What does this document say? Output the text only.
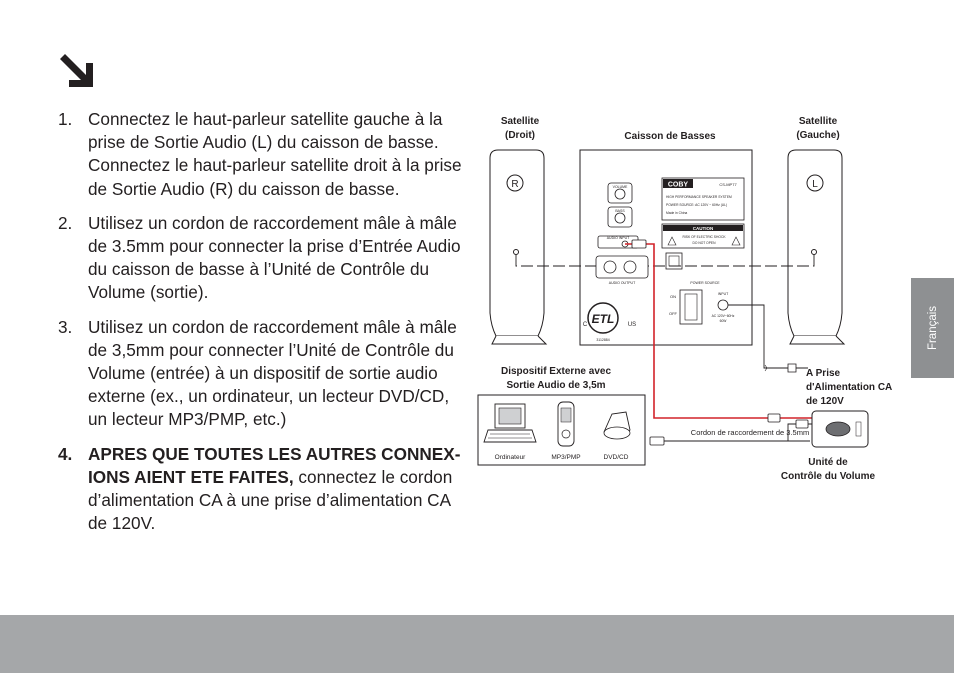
1. Connectez le haut-parleur satellite gauche à la prise de Sortie Audio (L) du caisson de basse. Connectez le haut-parleur satellite droit à la prise de Sortie Audio (R) du caisson de basse.
2. Utilisez un cordon de raccordement mâle à mâle de 3.5mm pour connecter la prise d’Entrée Audio du caisson de basse à l’Unité de Contrôle du Volume (sortie).
3. Utilisez un cordon de raccordement mâle à mâle de 3,5mm pour connecter l’Unité de Contrôle du Volume (entrée) à un dispositif de sortie audio externe (ex., un ordinateur, un lecteur DVD/CD, un lecteur MP3/PMP, etc.)
4. APRES QUE TOUTES LES AUTRES CONNEX- IONS AIENT ETE FAITES, connectez le cordon d’alimentation CA à une prise d’alimentation CA de 120V.
Satellite
(Droit)	Caisson de Basses
Satellite
(Gauche)
R	L
VOLUME
BASS
AUDIO INPUT
AUDIO OUTPUT
COBY	CS-MP77
HIGH PERFORMANCE SPEAKER SYSTEM
POWER SOURCE: AC 120V ~ 60Hz (UL)
Made in China
CAUTION
RISK OF ELECTRIC SHOCK
DO NOT OPEN
POWER SOURCE
ON
OFF
INPUT
AC 120V~60Hz
60W
ETL
C	US
3112884
Cordon de raccordement de 3.5mm
A Prise
d'Alimentation CA
de 120V
Dispositif Externe avec
Sortie Audio de 3,5m
Ordinateur	MP3/PMP	DVD/CD	Unité de
Contrôle du Volume
Français
